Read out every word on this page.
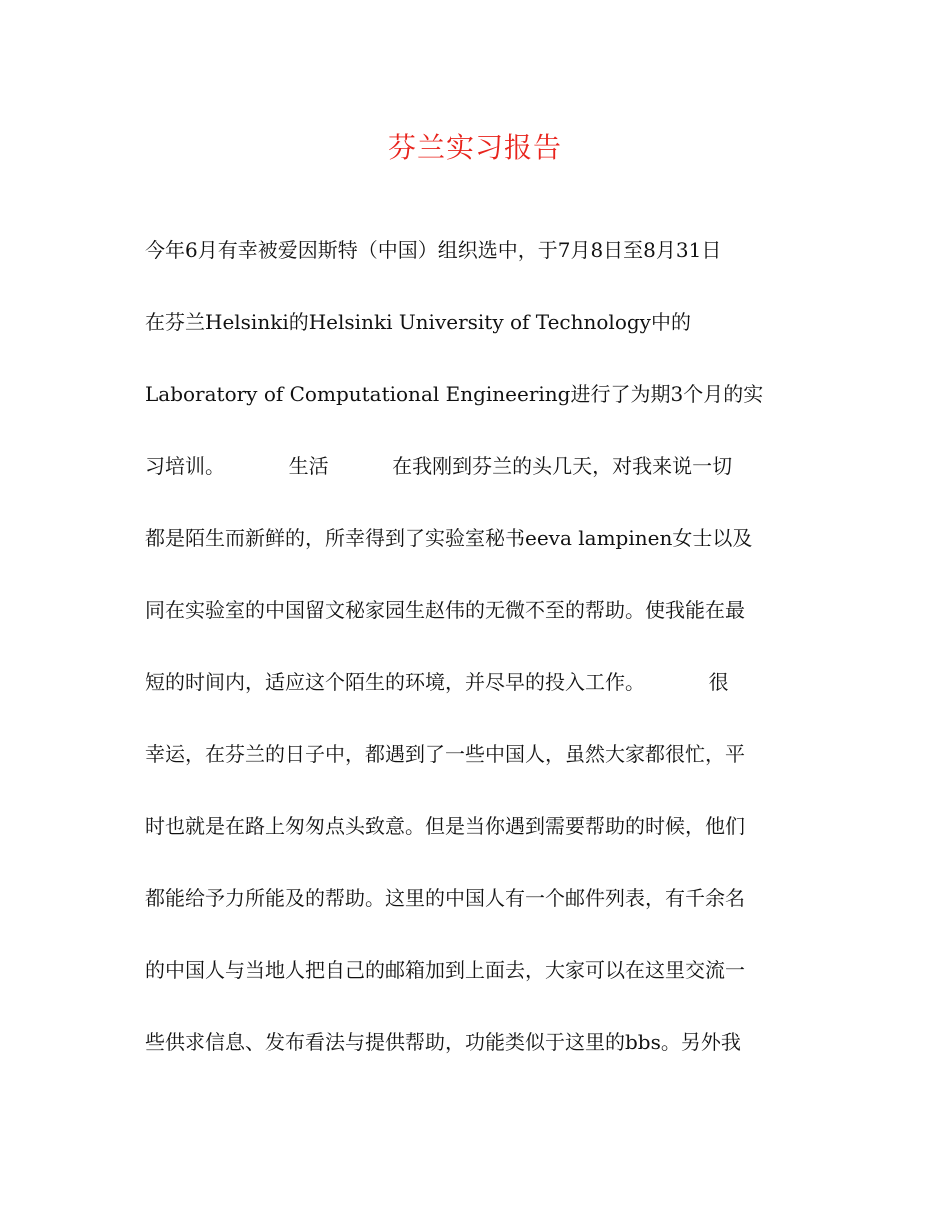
芬兰实习报告
今年6月有幸被爱因斯特（中国）组织选中，于7月8日至8月31日
在芬兰Helsinki的Helsinki University of Technology中的
Laboratory of Computational Engineering进行了为期3个月的实
习培训。          生活          在我刚到芬兰的头几天，对我来说一切
都是陌生而新鲜的，所幸得到了实验室秘书eeva lampinen女士以及
同在实验室的中国留文秘家园生赵伟的无微不至的帮助。使我能在最
短的时间内，适应这个陌生的环境，并尽早的投入工作。          很
幸运，在芬兰的日子中，都遇到了一些中国人，虽然大家都很忙，平
时也就是在路上匆匆点头致意。但是当你遇到需要帮助的时候，他们
都能给予力所能及的帮助。这里的中国人有一个邮件列表，有千余名
的中国人与当地人把自己的邮箱加到上面去，大家可以在这里交流一
些供求信息、发布看法与提供帮助，功能类似于这里的bbs。另外我
